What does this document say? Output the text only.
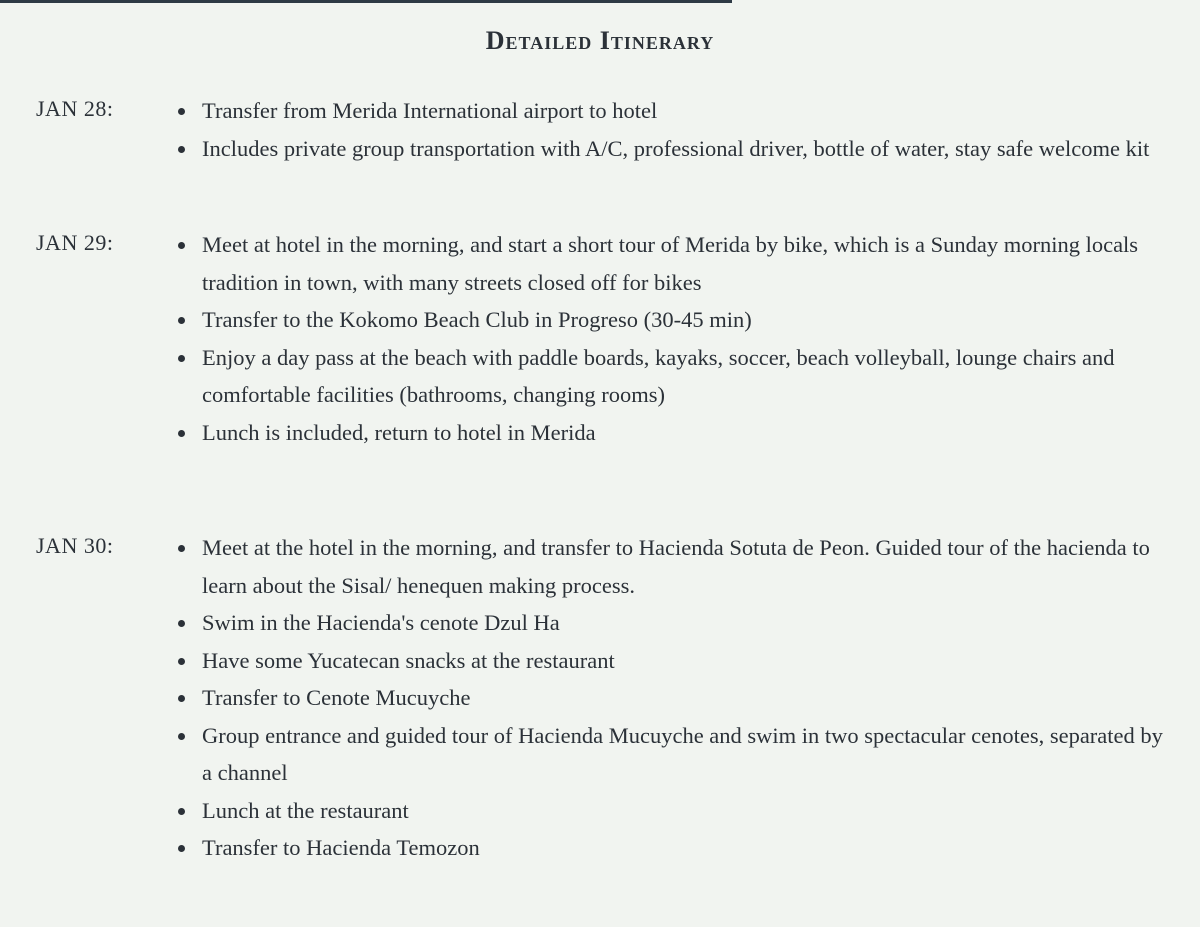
Detailed Itinerary
JAN 28:	Transfer from Merida International airport to hotel
Includes private group transportation with A/C, professional driver, bottle of water, stay safe welcome kit
JAN 29:	Meet at hotel in the morning, and start a short tour of Merida by bike, which is a Sunday morning locals tradition in town, with many streets closed off for bikes
Transfer to the Kokomo Beach Club in Progreso (30-45 min)
Enjoy a day pass at the beach with paddle boards, kayaks, soccer, beach volleyball, lounge chairs and comfortable facilities (bathrooms, changing rooms)
Lunch is included, return to hotel in Merida
JAN 30:	Meet at the hotel in the morning, and transfer to Hacienda Sotuta de Peon. Guided tour of the hacienda to learn about the Sisal/ henequen making process.
Swim in the Hacienda's cenote Dzul Ha
Have some Yucatecan snacks at the restaurant
Transfer to Cenote Mucuyche
Group entrance and guided tour of Hacienda Mucuyche and swim in two spectacular cenotes, separated by a channel
Lunch at the restaurant
Transfer to Hacienda Temozon
